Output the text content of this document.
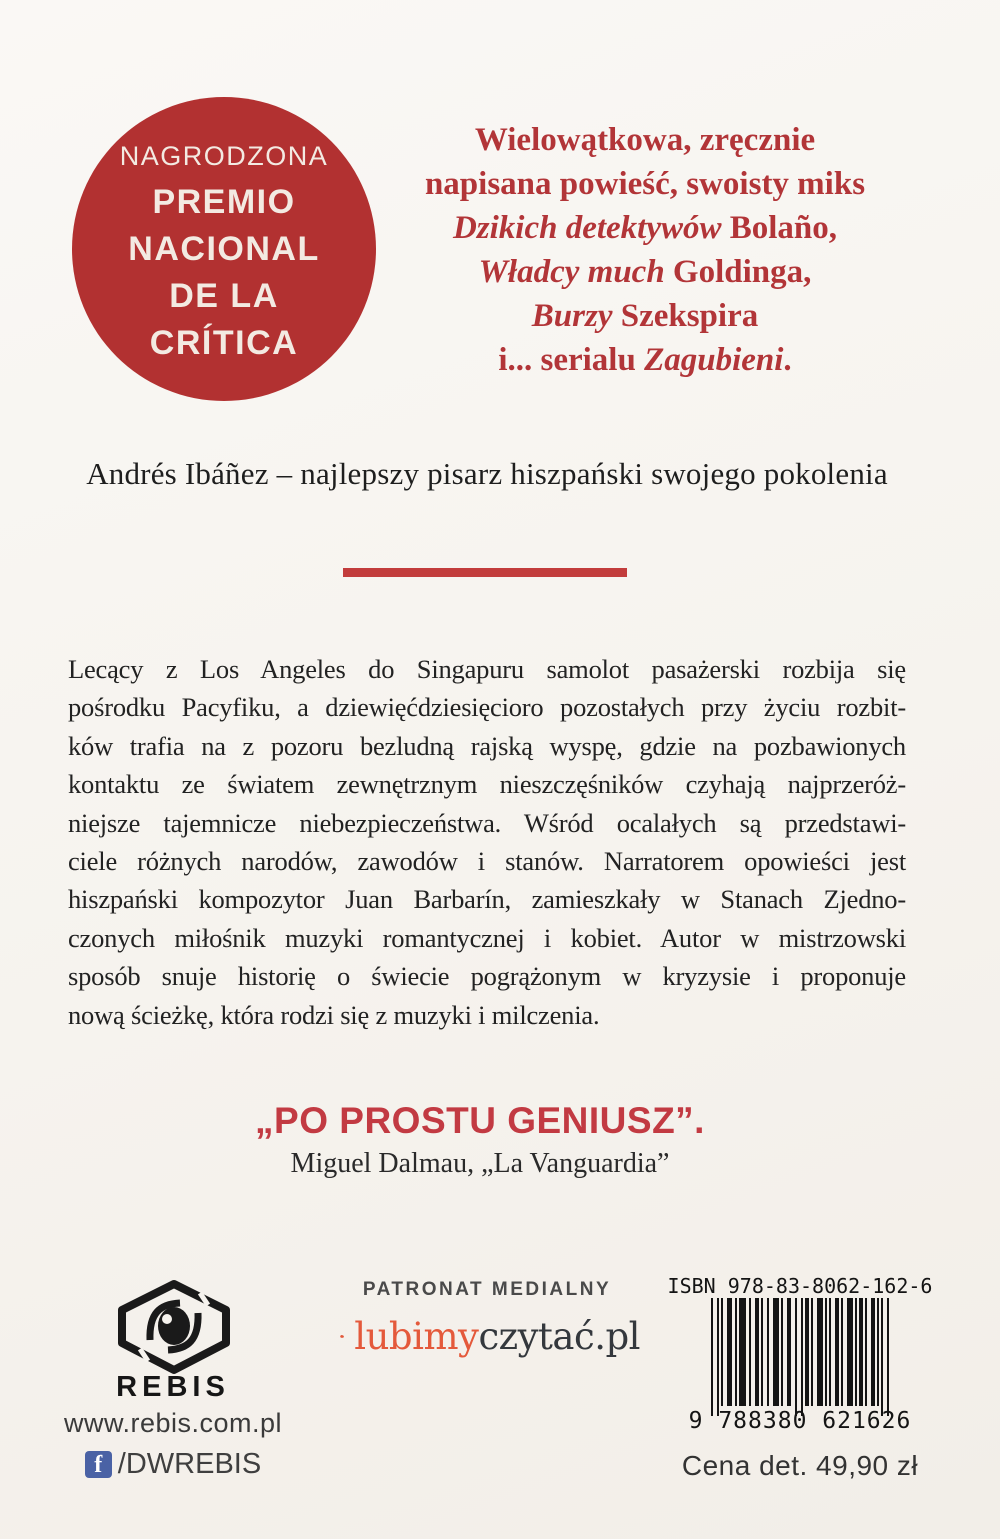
NAGRODZONA
PREMIO
NACIONAL
DE LA
CRÍTICA
Wielowątkowa, zręcznie
napisana powieść, swoisty miks
Dzikich detektywów Bolaño,
Władcy much Goldinga,
Burzy Szekspira
i... serialu Zagubieni.
Andrés Ibáñez – najlepszy pisarz hiszpański swojego pokolenia
Lecący z Los Angeles do Singapuru samolot pasażerski rozbija się
pośrodku Pacyfiku, a dziewięćdziesięcioro pozostałych przy życiu rozbit-
ków trafia na z pozoru bezludną rajską wyspę, gdzie na pozbawionych
kontaktu ze światem zewnętrznym nieszczęśników czyhają najprzeróż-
niejsze tajemnicze niebezpieczeństwa. Wśród ocalałych są przedstawi-
ciele różnych narodów, zawodów i stanów. Narratorem opowieści jest
hiszpański kompozytor Juan Barbarín, zamieszkały w Stanach Zjedno-
czonych miłośnik muzyki romantycznej i kobiet. Autor w mistrzowski
sposób snuje historię o świecie pogrążonym w kryzysie i proponuje
nową ścieżkę, która rodzi się z muzyki i milczenia.
„PO PROSTU GENIUSZ”.
Miguel Dalmau, „La Vanguardia”
REBIS
www.rebis.com.pl
f /DWREBIS
PATRONAT MEDIALNY
lubimyczytać.pl
ISBN 978-83-8062-162-6
9 788380 621626
Cena det. 49,90 zł
